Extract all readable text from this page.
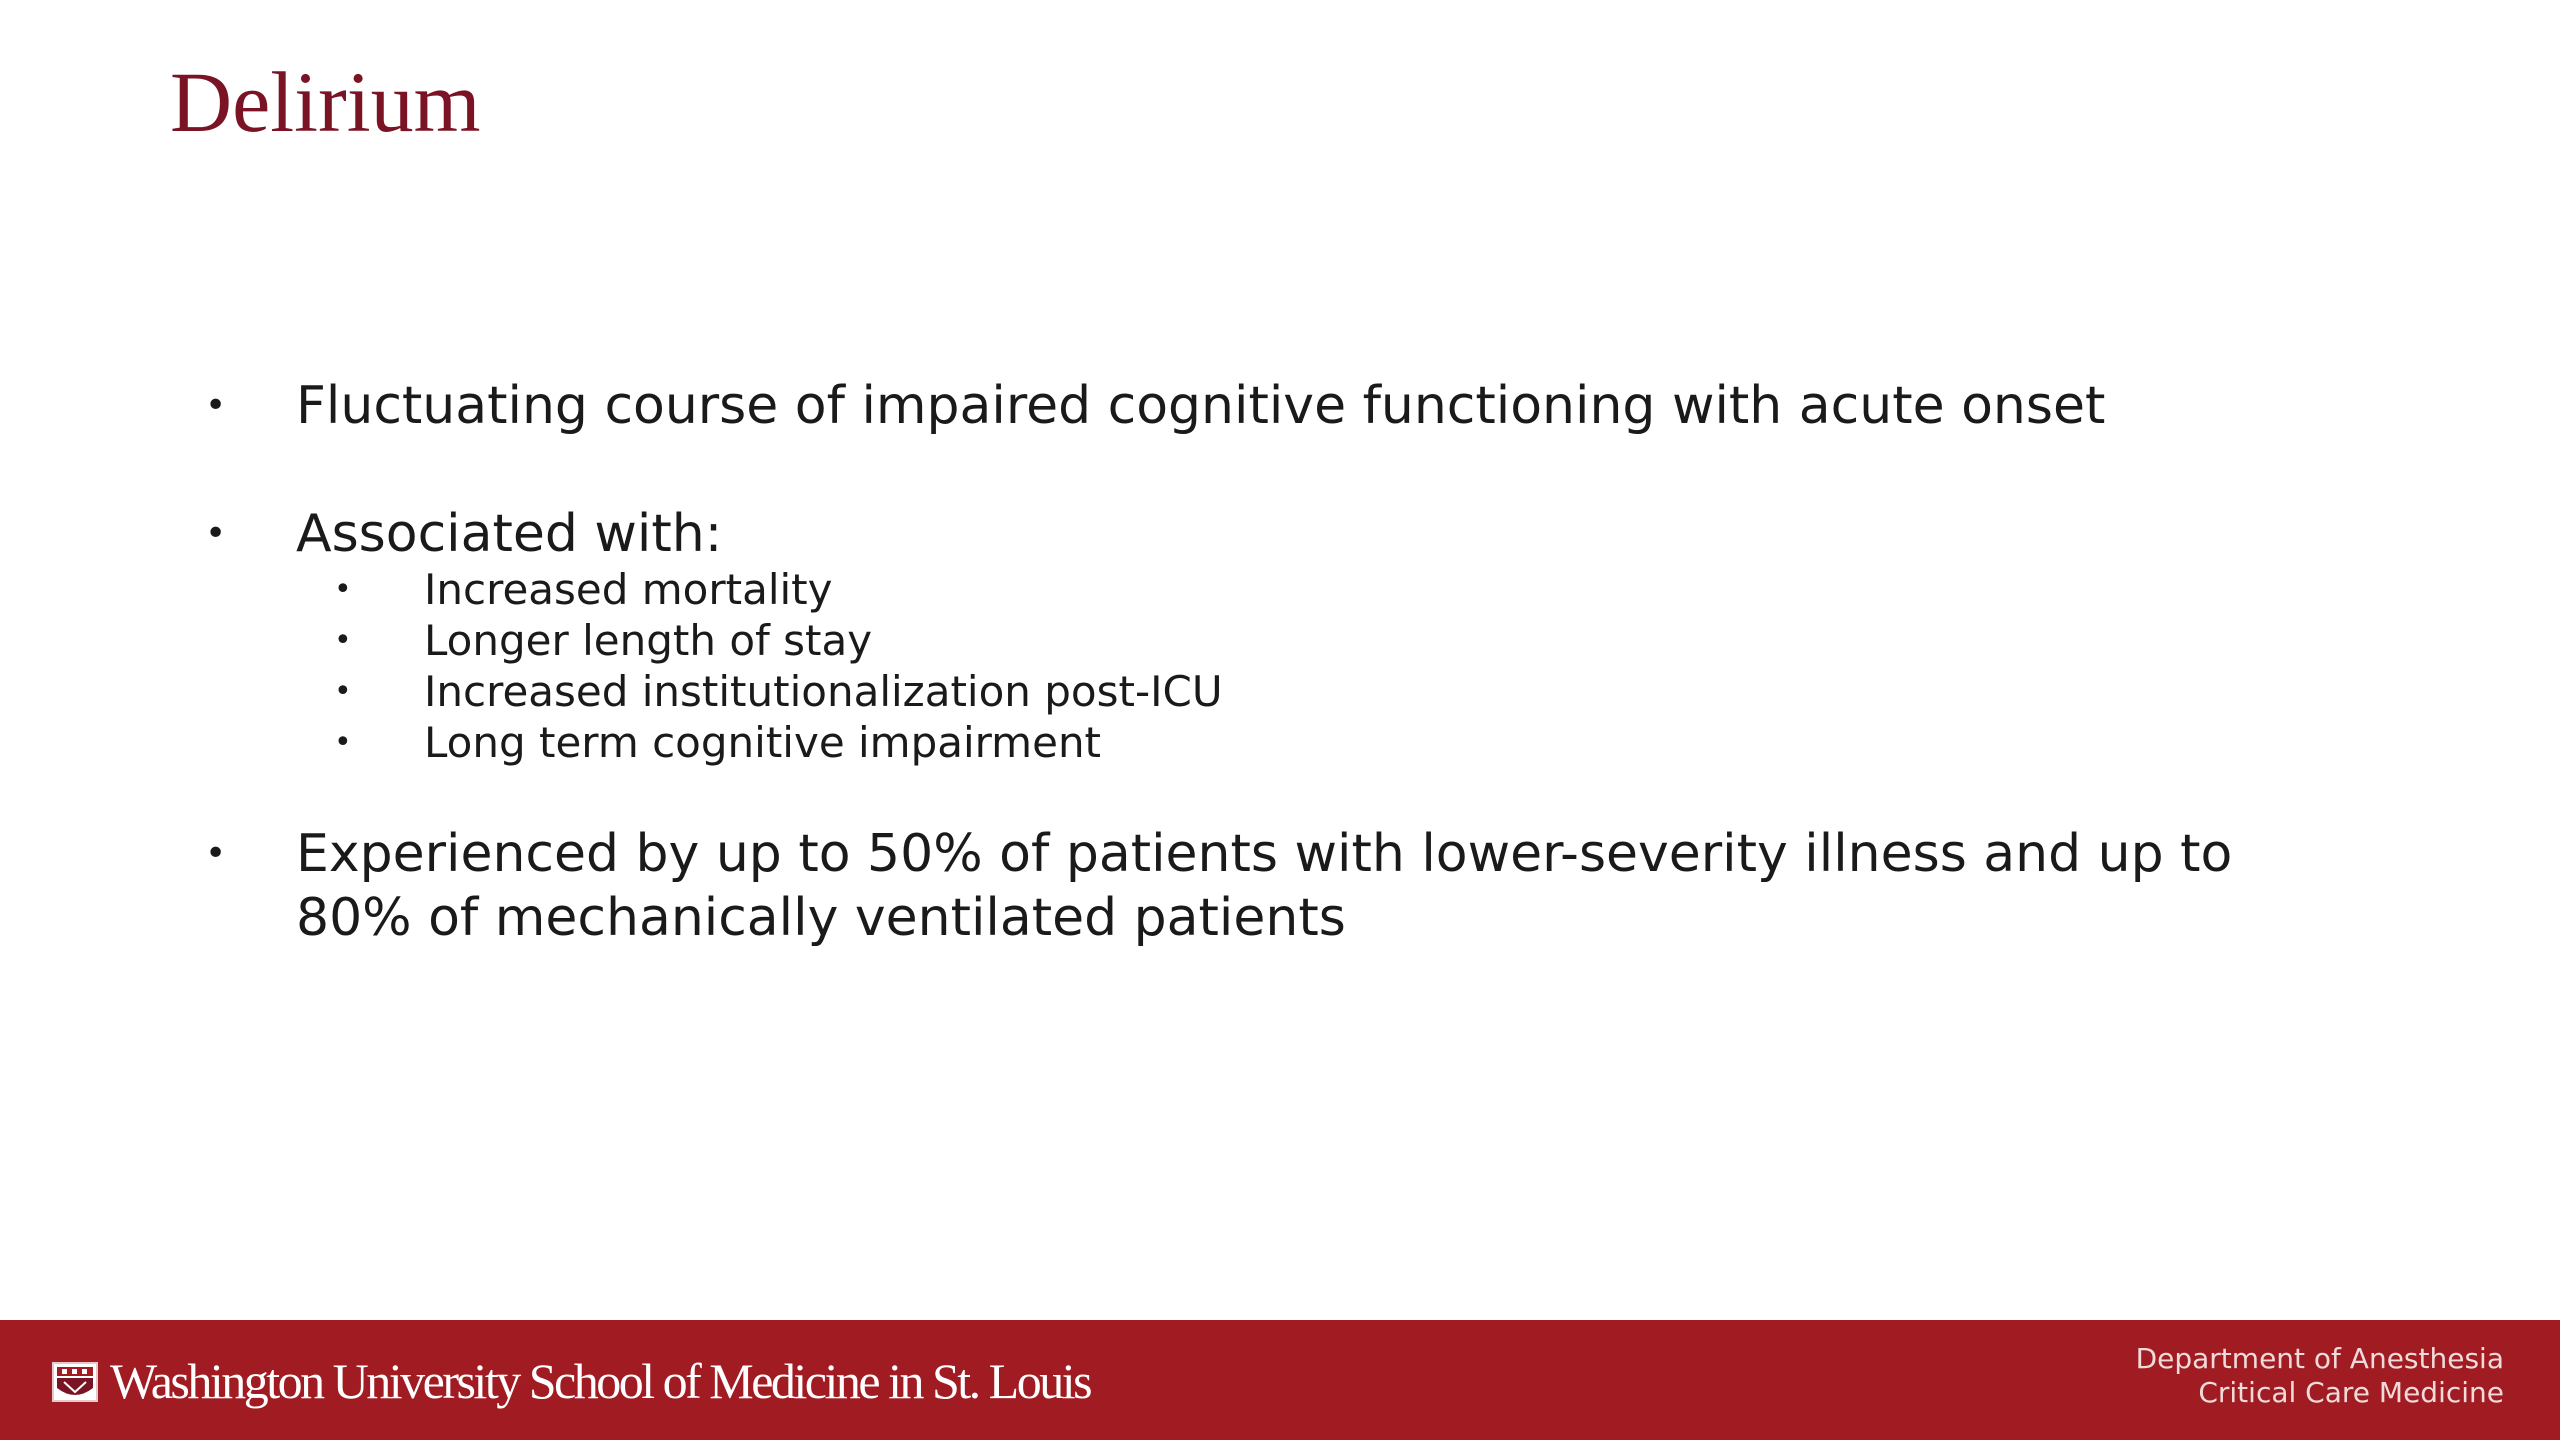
Delirium
• Fluctuating course of impaired cognitive functioning with acute onset
• Associated with:
• Increased mortality
• Longer length of stay
• Increased institutionalization post-ICU
• Long term cognitive impairment
• Experienced by up to 50% of patients with lower-severity illness and up to 80% of mechanically ventilated patients
Washington University School of Medicine in St. Louis	Department of Anesthesia
Critical Care Medicine
